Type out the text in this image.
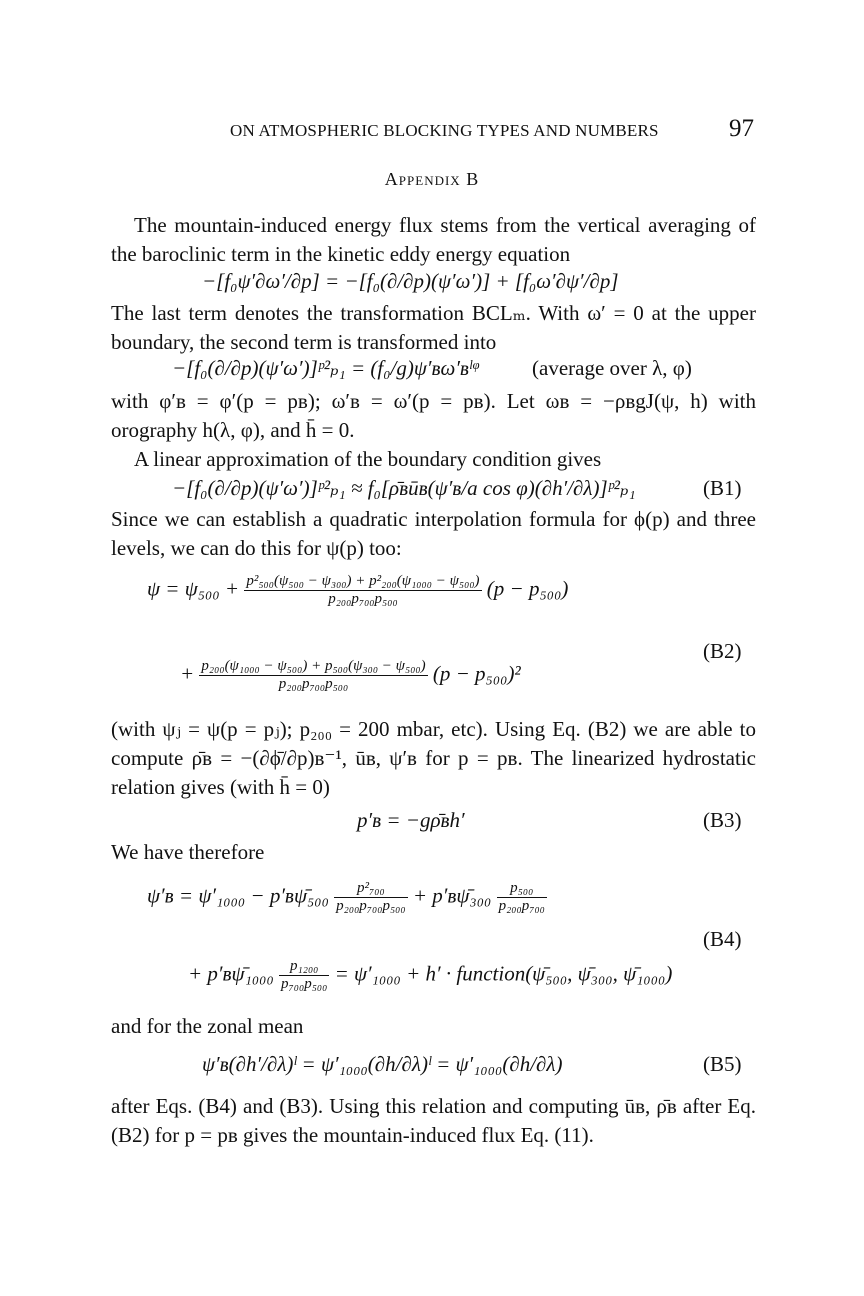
ON ATMOSPHERIC BLOCKING TYPES AND NUMBERS	97
Appendix B

The mountain-induced energy flux stems from the vertical averaging of the baroclinic term in the kinetic eddy energy equation

−[f₀ψ′∂ω′/∂p] = −[f₀(∂/∂p)(ψ′ω′)] + [f₀ω′∂ψ′/∂p]

The last term denotes the transformation BCLₘ. With ω′ = 0 at the upper boundary, the second term is transformed into

−[f₀(∂/∂p)(ψ′ω′)]ᵖ²ₚ₁ = (f₀/g)ψ′ʙω′ʙˡᵠ	(average over λ, φ)

with φ′ʙ = φ′(p = pʙ); ω′ʙ = ω′(p = pʙ). Let ωʙ = −ρʙgJ(ψ, h) with orography h(λ, φ), and h̄ = 0.

A linear approximation of the boundary condition gives

−[f₀(∂/∂p)(ψ′ω′)]ᵖ²ₚ₁ ≈ f₀[ρ̄ʙūʙ(ψ′ʙ/a cos φ)(∂h′/∂λ)]ᵖ²ₚ₁	(B1)

Since we can establish a quadratic interpolation formula for ϕ(p) and three levels, we can do this for ψ(p) too:

$\psi = \psi_{500} + \frac{\text{p²₅₀₀(ψ₅₀₀ − ψ₃₀₀) + p²₂₀₀(ψ₁₀₀₀ − ψ₅₀₀)}}{\text{p₂₀₀p₇₀₀p₅₀₀}} (p - p_{500})$
(B2)
+ $\frac{\text{p₂₀₀(ψ₁₀₀₀ − ψ₅₀₀) + p₅₀₀(ψ₃₀₀ − ψ₅₀₀)}}{\text{p₂₀₀p₇₀₀p₅₀₀}} (p - p_{500})^2$

(with ψⱼ = ψ(p = pⱼ); p₂₀₀ = 200 mbar, etc). Using Eq. (B2) we are able to compute ρ̄ʙ = −(∂ϕ̄/∂p)ʙ⁻¹, ūʙ, ψ′ʙ for p = pʙ. The linearized hydrostatic relation gives (with h̄ = 0)

p′ʙ = −gρ̄ʙh′	(B3)

We have therefore

ψ′ʙ = ψ′₁₀₀₀ − p′ʙψ̄₅₀₀ $\frac{\text{p²₇₀₀}}{\text{p₂₀₀p₇₀₀p₅₀₀}}$ + p′ʙψ̄₃₀₀ $\frac{\text{p₅₀₀}}{\text{p₂₀₀p₇₀₀}}$
(B4)
+ p′ʙψ̄₁₀₀₀ $\frac{\text{p₁₂₀₀}}{\text{p₇₀₀p₅₀₀}} = \psi'_{1000} + h'$ · function(ψ̄₅₀₀, ψ̄₃₀₀, ψ̄₁₀₀₀)

and for the zonal mean

ψ′ʙ(∂h′/∂λ)ˡ = ψ′₁₀₀₀(∂h/∂λ)ˡ = ψ′₁₀₀₀(∂h/∂λ)	(B5)

after Eqs. (B4) and (B3). Using this relation and computing ūʙ, ρ̄ʙ after Eq. (B2) for p = pʙ gives the mountain-induced flux Eq. (11).
